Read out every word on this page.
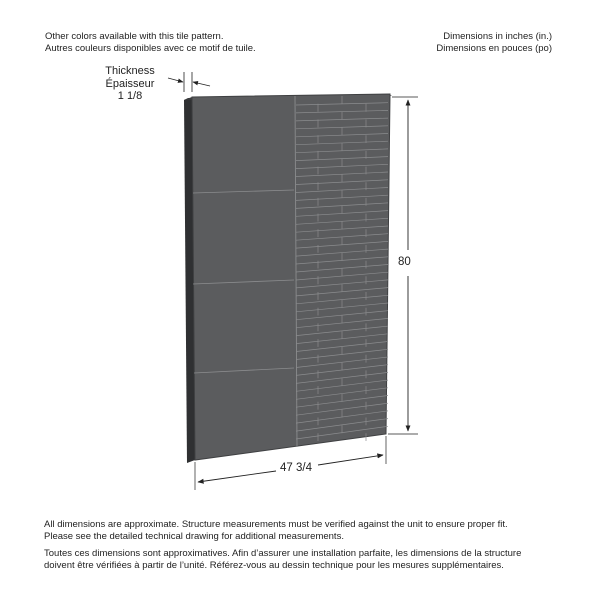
Other colors available with this tile pattern.

Autres couleurs disponibles avec ce motif de tuile.

Dimensions in inches (in.)

Dimensions en pouces (po)

Thickness

Épaisseur

1 1/8

80
47 3/4

All dimensions are approximate. Structure measurements must be verified against the unit to ensure proper fit.

Please see the detailed technical drawing for additional measurements.

Toutes ces dimensions sont approximatives. Afin d’assurer une installation parfaite, les dimensions de la structure

doivent être vérifiées à partir de l’unité. Référez-vous au dessin technique pour les mesures supplémentaires.
